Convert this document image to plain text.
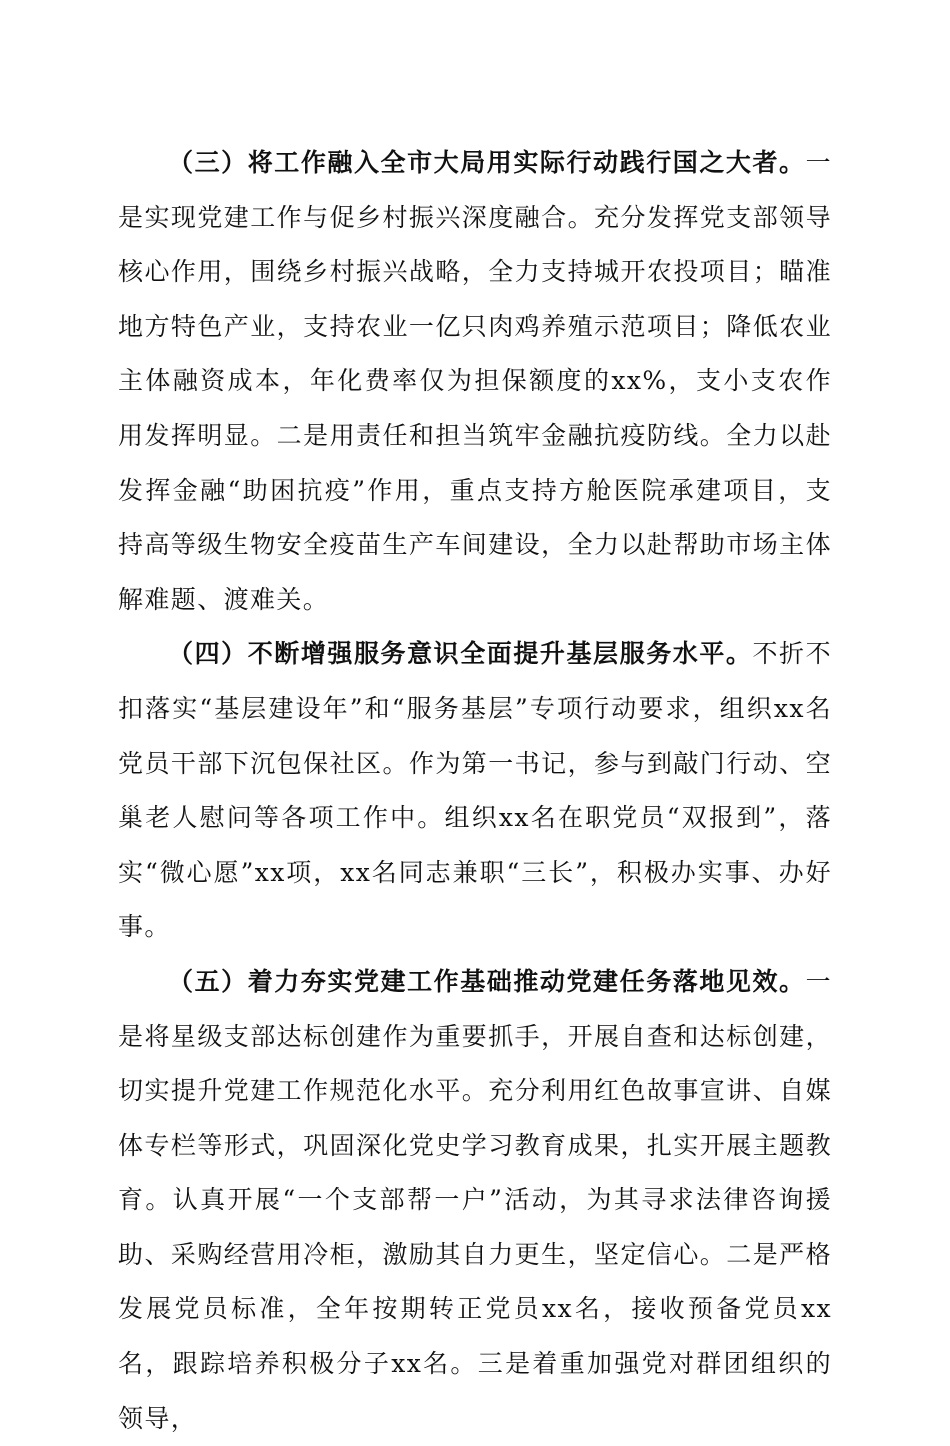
（三）将工作融入全市大局用实际行动践行国之大者。一是实现党建工作与促乡村振兴深度融合。充分发挥党支部领导核心作用，围绕乡村振兴战略，全力支持城开农投项目；瞄准地方特色产业，支持农业一亿只肉鸡养殖示范项目；降低农业主体融资成本，年化费率仅为担保额度的xx%，支小支农作用发挥明显。二是用责任和担当筑牢金融抗疫防线。全力以赴发挥金融“助困抗疫”作用，重点支持方舱医院承建项目，支持高等级生物安全疫苗生产车间建设，全力以赴帮助市场主体解难题、渡难关。

（四）不断增强服务意识全面提升基层服务水平。不折不扣落实“基层建设年”和“服务基层”专项行动要求，组织xx名党员干部下沉包保社区。作为第一书记，参与到敲门行动、空巢老人慰问等各项工作中。组织xx名在职党员“双报到”，落实“微心愿”xx项，xx名同志兼职“三长”，积极办实事、办好事。

（五）着力夯实党建工作基础推动党建任务落地见效。一是将星级支部达标创建作为重要抓手，开展自查和达标创建，切实提升党建工作规范化水平。充分利用红色故事宣讲、自媒体专栏等形式，巩固深化党史学习教育成果，扎实开展主题教育。认真开展“一个支部帮一户”活动，为其寻求法律咨询援助、采购经营用冷柜，激励其自力更生，坚定信心。二是严格发展党员标准，全年按期转正党员xx名，接收预备党员xx名，跟踪培养积极分子xx名。三是着重加强党对群团组织的领导，
